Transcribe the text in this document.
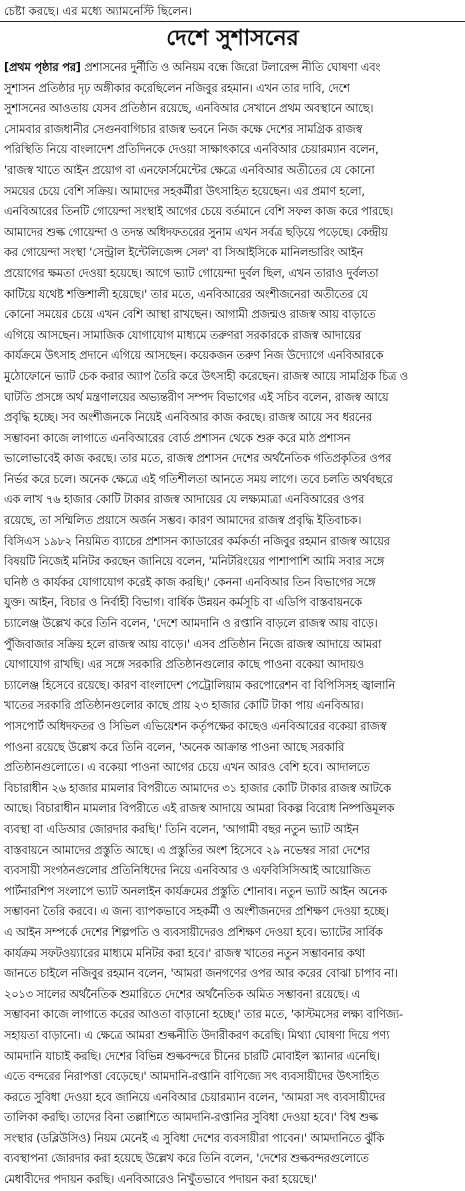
চেষ্টা করছে। এর মধ্যে অ্যামনেস্টি ছিলেন।
দেশে সুশাসনের
[প্রথম পৃষ্ঠার পর] প্রশাসনের দুর্নীতি ও অনিয়ম বন্ধে জিরো টলারেন্স নীতি ঘোষণা এবং
সুশাসন প্রতিষ্ঠার দৃঢ় অঙ্গীকার করেছিলেন নজিবুর রহমান। এখন তার দাবি, দেশে
সুশাসনের আওতায় যেসব প্রতিষ্ঠান রয়েছে, এনবিআর সেখানে প্রথম অবস্থানে আছে।
সোমবার রাজধানীর সেগুনবাগিচার রাজস্ব ভবনে নিজ কক্ষে দেশের সামগ্রিক রাজস্ব
পরিস্থিতি নিয়ে বাংলাদেশ প্রতিদিনকে দেওয়া সাক্ষাৎকারে এনবিআর চেয়ারম্যান বলেন,
'রাজস্ব খাতে আইন প্রয়োগ বা এনফোর্সমেন্টের ক্ষেত্রে এনবিআর অতীতের যে কোনো
সময়ের চেয়ে বেশি সক্রিয়। আমাদের সহকর্মীরা উৎসাহিত হয়েছেন। এর প্রমাণ হলো,
এনবিআরের তিনটি গোয়েন্দা সংস্থাই আগের চেয়ে বর্তমানে বেশি সফল কাজ করে পারছে।
আমাদের শুল্ক গোয়েন্দা ও তদন্ত অধিদফতরের সুনাম এখন সর্বত্র ছড়িয়ে পড়েছে। কেন্দ্রীয়
কর গোয়েন্দা সংস্থা 'সেন্ট্রাল ইন্টেলিজেন্স সেল' বা সিআইসিকে মানিলন্ডারিং আইন
প্রয়োগের ক্ষমতা দেওয়া হয়েছে। আগে ভ্যাট গোয়েন্দা দুর্বল ছিল, এখন তারাও দুর্বলতা
কাটিয়ে যথেষ্ট শক্তিশালী হয়েছে।' তার মতে, এনবিআরের অংশীজনেরা অতীতের যে
কোনো সময়ের চেয়ে এখন বেশি আস্থা রাখছেন। আগামী প্রজন্মও রাজস্ব আয় বাড়াতে
এগিয়ে আসছেন। সামাজিক যোগাযোগ মাধ্যমে তরুণরা সরকারকে রাজস্ব আদায়ের
কার্যক্রমে উৎসাহ প্রদানে এগিয়ে আসছেন। কয়েকজন তরুণ নিজ উদ্যোগে এনবিআরকে
মুঠোফোনে ভ্যাট চেক করার অ্যাপ তৈরি করে উৎসাহী করেছেন। রাজস্ব আয়ে সামগ্রিক চিত্র ও
ঘাটতি প্রসঙ্গে অর্থ মন্ত্রণালয়ের অভ্যন্তরীণ সম্পদ বিভাগের এই সচিব বলেন, রাজস্ব আয়ে
প্রবৃদ্ধি হচ্ছে। সব অংশীজনকে নিয়েই এনবিআর কাজ করছে। রাজস্ব আয়ে সব ধরনের
সম্ভাবনা কাজে লাগাতে এনবিআরের বোর্ড প্রশাসন থেকে শুরু করে মাঠ প্রশাসন
ভালোভাবেই কাজ করছে। তার মতে, রাজস্ব প্রশাসন দেশের অর্থনৈতিক গতিপ্রকৃতির ওপর
নির্ভর করে চলে। অনেক ক্ষেত্রে এই গতিশীলতা আনতে সময় লাগে। তবে চলতি অর্থবছরে
এক লাখ ৭৬ হাজার কোটি টাকার রাজস্ব আদায়ের যে লক্ষ্যমাত্রা এনবিআরের ওপর
রয়েছে, তা সম্মিলিত প্রয়াসে অর্জন সম্ভব। কারণ আমাদের রাজস্ব প্রবৃদ্ধি ইতিবাচক।
বিসিএস ১৯৮২ নিয়মিত ব্যাচের প্রশাসন ক্যাডারের কর্মকর্তা নজিবুর রহমান রাজস্ব আয়ের
বিষয়টি নিজেই মনিটর করছেন জানিয়ে বলেন, 'মনিটরিংয়ের পাশাপাশি আমি সবার সঙ্গে
ঘনিষ্ঠ ও কার্যকর যোগাযোগ করেই কাজ করছি।' কেননা এনবিআর তিন বিভাগের সঙ্গে
যুক্ত। আইন, বিচার ও নির্বাহী বিভাগ। বার্ষিক উন্নয়ন কর্মসূচি বা এডিপি বাস্তবায়নকে
চ্যালেঞ্জ উল্লেখ করে তিনি বলেন, 'দেশে আমদানি ও রপ্তানি বাড়লে রাজস্ব আয় বাড়ে।
পুঁজিবাজার সক্রিয় হলে রাজস্ব আয় বাড়ে।' এসব প্রতিষ্ঠান নিজে রাজস্ব আদায়ে আমরা
যোগাযোগ রাখছি। এর সঙ্গে সরকারি প্রতিষ্ঠানগুলোর কাছে পাওনা বকেয়া আদায়ও
চ্যালেঞ্জ হিসেবে রয়েছে। কারণ বাংলাদেশ পেট্রোলিয়াম করপোরেশন বা বিপিসিসহ জ্বালানি
খাতের সরকারি প্রতিষ্ঠানগুলোর কাছে প্রায় ২৩ হাজার কোটি টাকা পায় এনবিআর।
পাসপোর্ট অধিদফতর ও সিভিল এভিয়েশন কর্তৃপক্ষের কাছেও এনবিআরের বকেয়া রাজস্ব
পাওনা রয়েছে উল্লেখ করে তিনি বলেন, 'অনেক আক্রান্ত পাওনা আছে সরকারি
প্রতিষ্ঠানগুলোতে। এ বকেয়া পাওনা আগের চেয়ে এখন আরও বেশি হবে। আদালতে
বিচারাধীন ২৬ হাজার মামলার বিপরীতে আমাদের ৩১ হাজার কোটি টাকার রাজস্ব আটকে
আছে। বিচারাধীন মামলার বিপরীতে এই রাজস্ব আদায়ে আমরা বিকল্প বিরোধ নিষ্পত্তিমূলক
ব্যবস্থা বা এডিআর জোরদার করছি।' তিনি বলেন, 'আগামী বছর নতুন ভ্যাট আইন
বাস্তবায়নে আমাদের প্রস্তুতি আছে। এ প্রস্তুতির অংশ হিসেবে ২৯ নভেম্বর সারা দেশের
ব্যবসায়ী সংগঠনগুলোর প্রতিনিধিদের নিয়ে এনবিআর ও এফবিসিসিআই আয়োজিত
পার্টনারশিপ সংলাপে ভ্যাট অনলাইন কার্যক্রমের প্রস্তুতি শোনাব। নতুন ভ্যাট আইন অনেক
সম্ভাবনা তৈরি করবে। এ জন্য ব্যাপকভাবে সহকর্মী ও অংশীজনদের প্রশিক্ষণ দেওয়া হচ্ছে।
এ আইন সম্পর্কে দেশের শিল্পপতি ও ব্যবসায়ীদেরও প্রশিক্ষণ দেওয়া হবে। ভ্যাটের সার্বিক
কার্যক্রম সফটওয়্যারের মাধ্যমে মনিটর করা হবে।' রাজস্ব খাতের নতুন সম্ভাবনার কথা
জানতে চাইলে নজিবুর রহমান বলেন, 'আমরা জনগণের ওপর আর করের বোঝা চাপাব না।
২০১৩ সালের অর্থনৈতিক শুমারিতে দেশের অর্থনৈতিক অমিত সম্ভাবনা রয়েছে। এ
সম্ভাবনা কাজে লাগাতে করের আওতা বাড়ানো হচ্ছে।' তার মতে, 'কাস্টমসের লক্ষ্য বাণিজ্য-
সহায়তা বাড়ানো। এ ক্ষেত্রে আমরা শুল্কনীতি উদারীকরণ করেছি। মিথ্যা ঘোষণা দিয়ে পণ্য
আমদানি যাচাই করছি। দেশের বিভিন্ন শুল্কবন্দরে চীনের চারটি মোবাইল স্ক্যানার এনেছি।
এতে বন্দরের নিরাপত্তা বেড়েছে।' আমদানি-রপ্তানি বাণিজ্যে সৎ ব্যবসায়ীদের উৎসাহিত
করতে সুবিধা দেওয়া হবে জানিয়ে এনবিআর চেয়ারম্যান বলেন, 'আমরা সৎ ব্যবসায়ীদের
তালিকা করছি। তাদের বিনা তল্লাশিতে আমদানি-রপ্তানির সুবিধা দেওয়া হবে।' বিশ্ব শুল্ক
সংস্থার (ডব্লিউসিও) নিয়ম মেনেই এ সুবিধা দেশের ব্যবসায়ীরা পাবেন।' আমদানিতে ঝুঁকি
ব্যবস্থাপনা জোরদার করা হয়েছে উল্লেখ করে তিনি বলেন, 'দেশের শুল্কবন্দরগুলোতে
মেধাবীদের পদায়ন করছি। এনবিআরেও নিখুঁতভাবে পদায়ন করা হয়েছে।'
